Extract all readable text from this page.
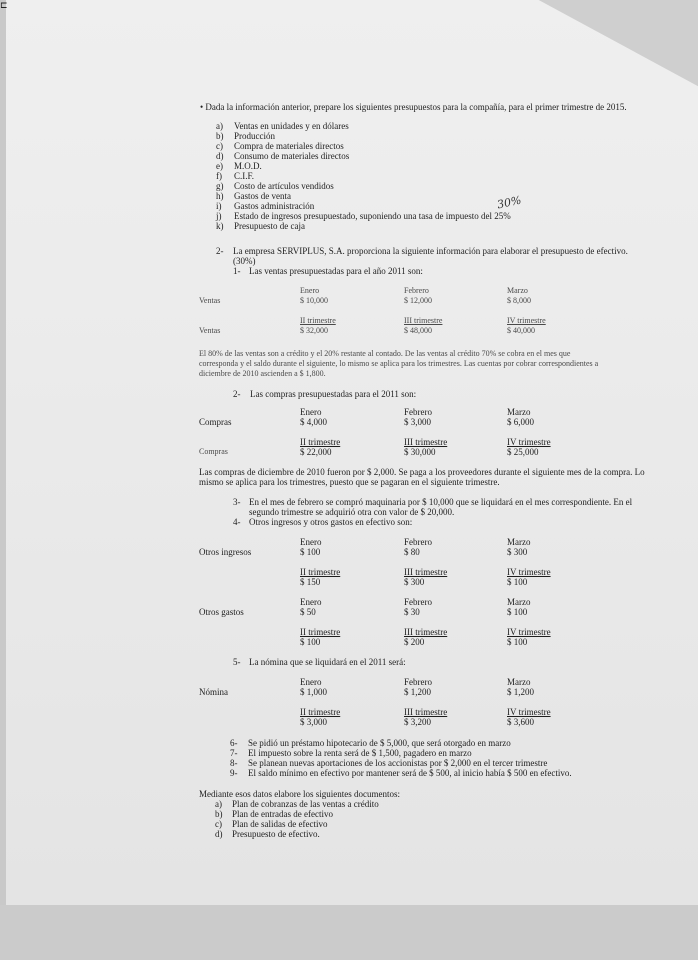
⊏
• Dada la información anterior, prepare los siguientes presupuestos para la compañía, para el primer trimestre de 2015.
a) Ventas en unidades y en dólares
b) Producción
c) Compra de materiales directos
d) Consumo de materiales directos
e) M.O.D.
f) C.I.F.
g) Costo de artículos vendidos
h) Gastos de venta
i) Gastos administración
j) Estado de ingresos presupuestado, suponiendo una tasa de impuesto del 25%
k) Presupuesto de caja
2- La empresa SERVIPLUS, S.A. proporciona la siguiente información para elaborar el presupuesto de efectivo.
(30%)
1- Las ventas presupuestadas para el año 2011 son:
Ventas
Enero
$ 10,000
Febrero
$ 12,000
Marzo
$ 8,000
II trimestre
$ 32,000
III trimestre
$ 48,000
IV trimestre
$ 40,000
Ventas
El 80% de las ventas son a crédito y el 20% restante al contado. De las ventas al crédito 70% se cobra en el mes que
corresponda y el saldo durante el siguiente, lo mismo se aplica para los trimestres. Las cuentas por cobrar correspondientes a
diciembre de 2010 ascienden a $ 1,800.
2- Las compras presupuestadas para el 2011 son:
Compras
Enero
$ 4,000
Febrero
$ 3,000
Marzo
$ 6,000
II trimestre
$ 22,000
III trimestre
$ 30,000
IV trimestre
$ 25,000
Compras
Las compras de diciembre de 2010 fueron por $ 2,000. Se paga a los proveedores durante el siguiente mes de la compra. Lo
mismo se aplica para los trimestres, puesto que se pagaran en el siguiente trimestre.
3- En el mes de febrero se compró maquinaria por $ 10,000 que se liquidará en el mes correspondiente. En el
segundo trimestre se adquirió otra con valor de $ 20,000.
4- Otros ingresos y otros gastos en efectivo son:
Otros ingresos
Enero
$ 100
Febrero
$ 80
Marzo
$ 300
II trimestre
$ 150
III trimestre
$ 300
IV trimestre
$ 100
Otros gastos
Enero
$ 50
Febrero
$ 30
Marzo
$ 100
II trimestre
$ 100
III trimestre
$ 200
IV trimestre
$ 100
5- La nómina que se liquidará en el 2011 será:
Nómina
Enero
$ 1,000
Febrero
$ 1,200
Marzo
$ 1,200
II trimestre
$ 3,000
III trimestre
$ 3,200
IV trimestre
$ 3,600
6- Se pidió un préstamo hipotecario de $ 5,000, que será otorgado en marzo
7- El impuesto sobre la renta será de $ 1,500, pagadero en marzo
8- Se planean nuevas aportaciones de los accionistas por $ 2,000 en el tercer trimestre
9- El saldo mínimo en efectivo por mantener será de $ 500, al inicio había $ 500 en efectivo.
Mediante esos datos elabore los siguientes documentos:
a) Plan de cobranzas de las ventas a crédito
b) Plan de entradas de efectivo
c) Plan de salidas de efectivo
d) Presupuesto de efectivo.
30%
